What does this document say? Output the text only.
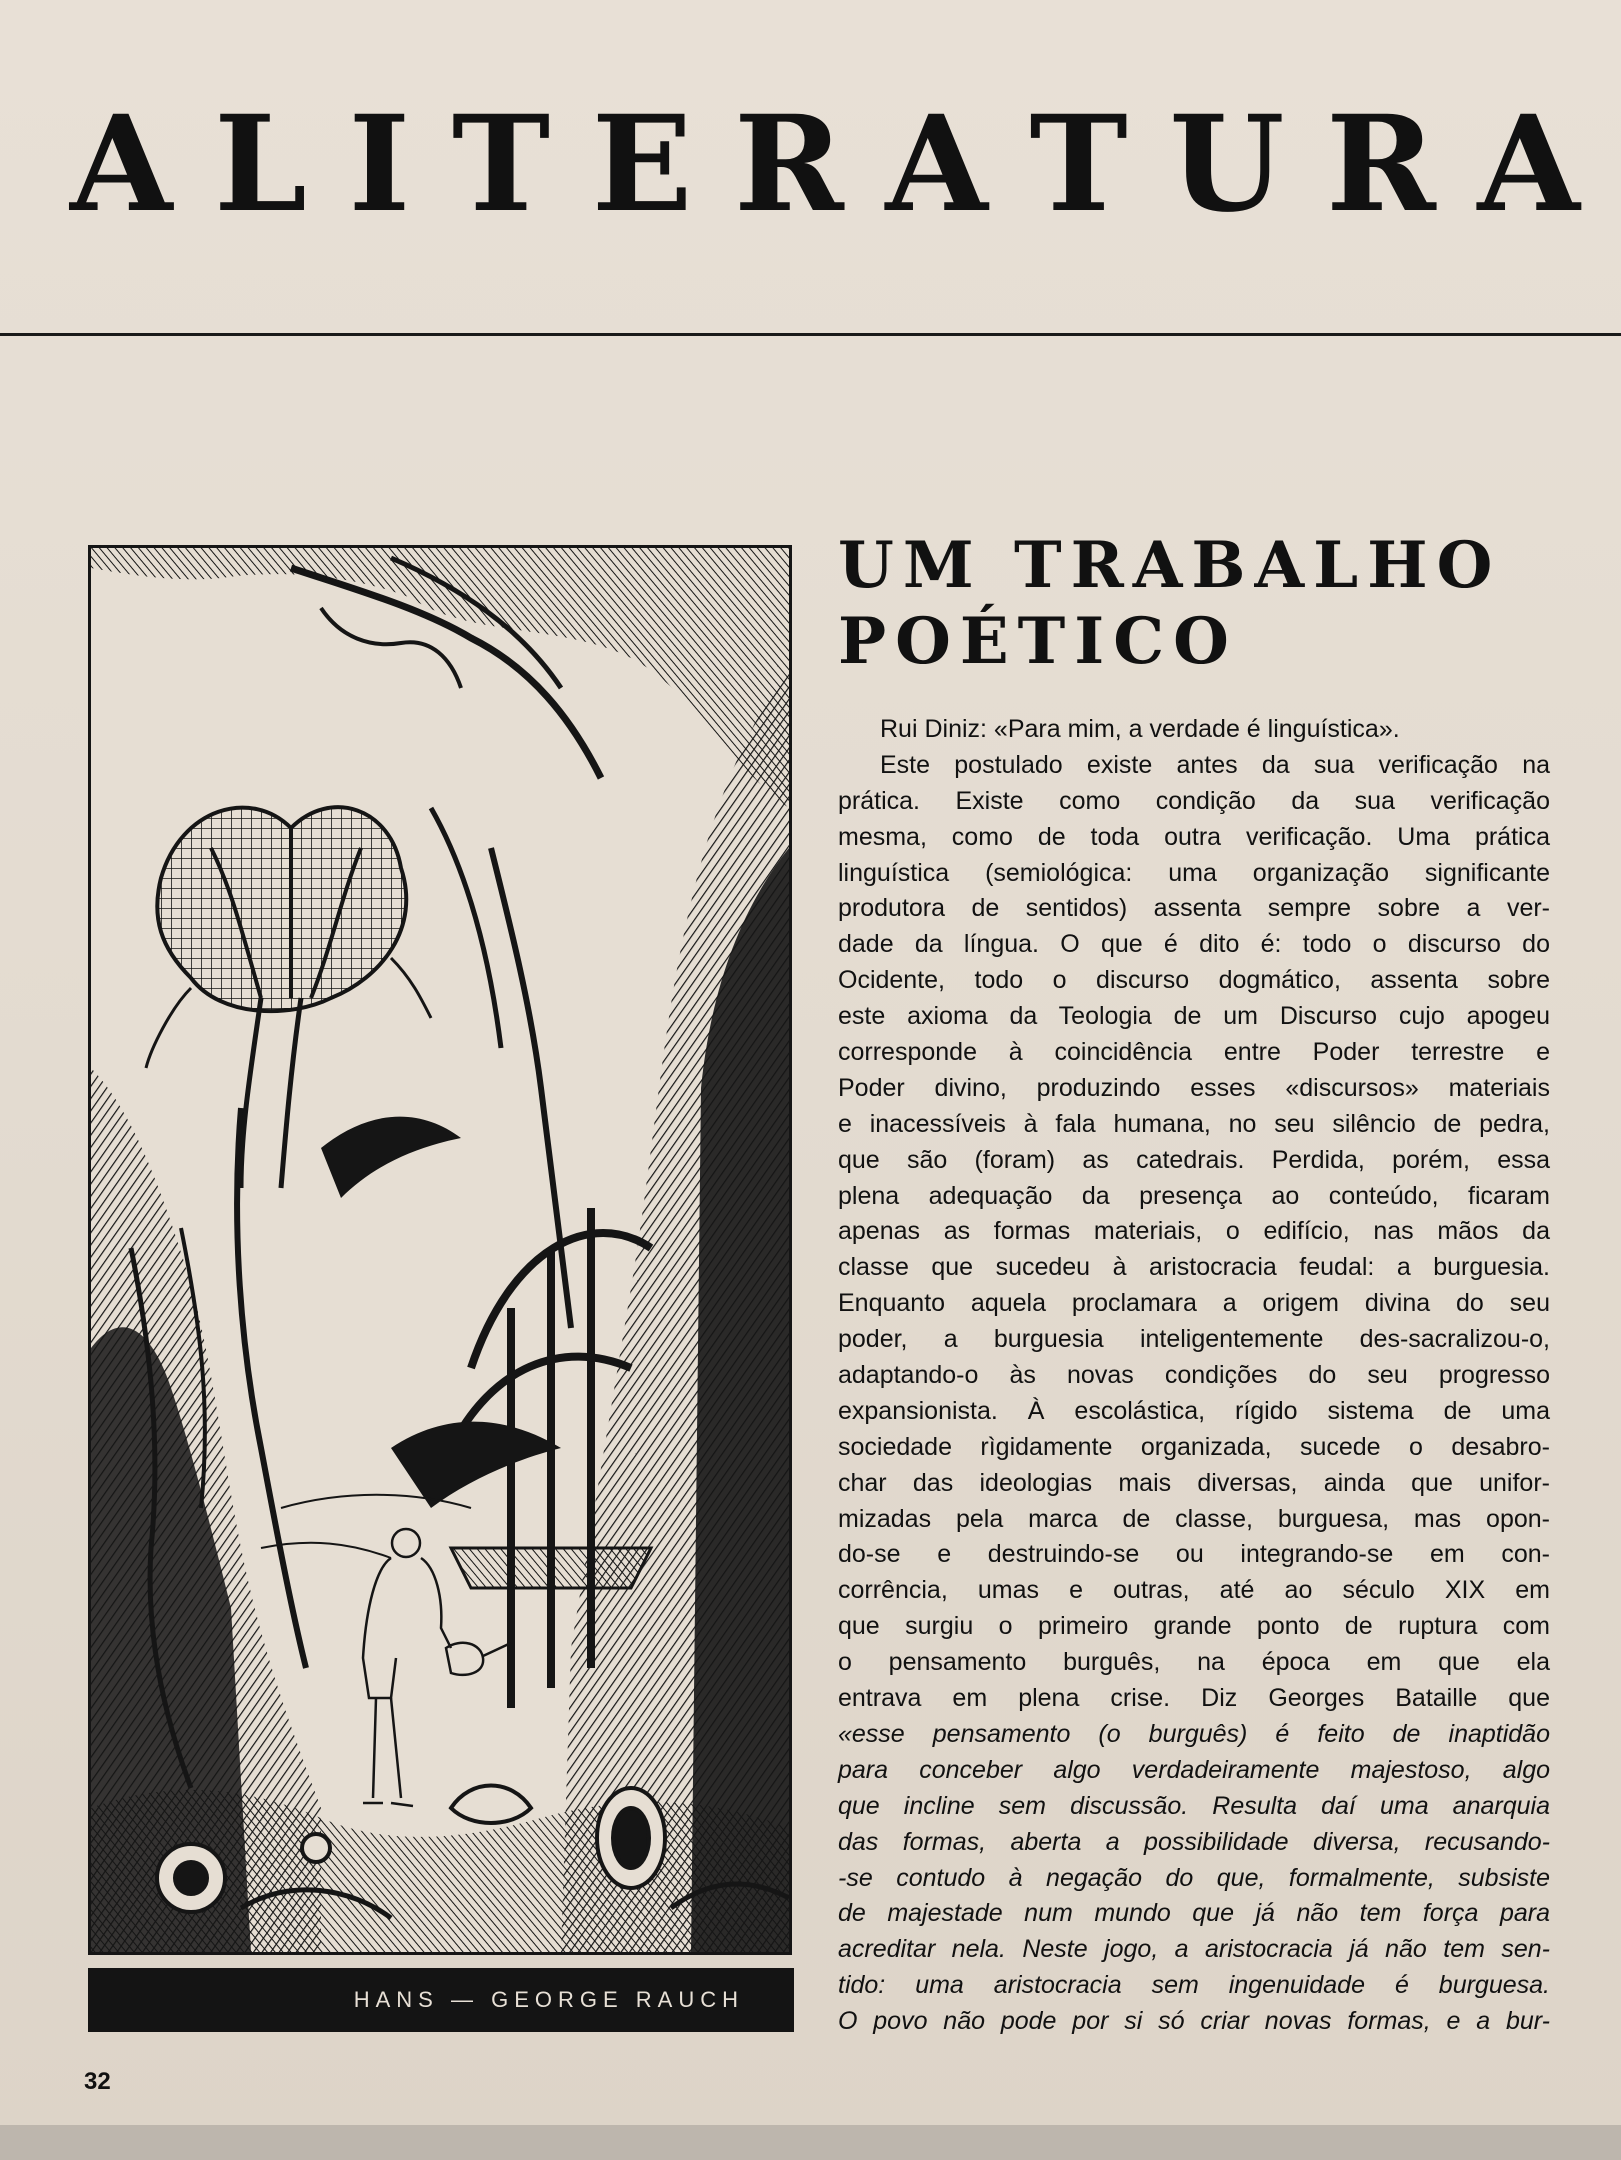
A L I T E R A T U R A
HANS — GEORGE RAUCH
UM TRABALHO
POÉTICO
Rui Diniz: «Para mim, a verdade é linguística».
Este postulado existe antes da sua verificação na
prática. Existe como condição da sua verificação
mesma, como de toda outra verificação. Uma prática
linguística (semiológica: uma organização significante
produtora de sentidos) assenta sempre sobre a ver-
dade da língua. O que é dito é: todo o discurso do
Ocidente, todo o discurso dogmático, assenta sobre
este axioma da Teologia de um Discurso cujo apogeu
corresponde à coincidência entre Poder terrestre e
Poder divino, produzindo esses «discursos» materiais
e inacessíveis à fala humana, no seu silêncio de pedra,
que são (foram) as catedrais. Perdida, porém, essa
plena adequação da presença ao conteúdo, ficaram
apenas as formas materiais, o edifício, nas mãos da
classe que sucedeu à aristocracia feudal: a burguesia.
Enquanto aquela proclamara a origem divina do seu
poder, a burguesia inteligentemente des-sacralizou-o,
adaptando-o às novas condições do seu progresso
expansionista. À escolástica, rígido sistema de uma
sociedade rìgidamente organizada, sucede o desabro-
char das ideologias mais diversas, ainda que unifor-
mizadas pela marca de classe, burguesa, mas opon-
do-se e destruindo-se ou integrando-se em con-
corrência, umas e outras, até ao século XIX em
que surgiu o primeiro grande ponto de ruptura com
o pensamento burguês, na época em que ela
entrava em plena crise. Diz Georges Bataille que
«esse pensamento (o burguês) é feito de inaptidão
para conceber algo verdadeiramente majestoso, algo
que incline sem discussão. Resulta daí uma anarquia
das formas, aberta a possibilidade diversa, recusando-
-se contudo à negação do que, formalmente, subsiste
de majestade num mundo que já não tem força para
acreditar nela. Neste jogo, a aristocracia já não tem sen-
tido: uma aristocracia sem ingenuidade é burguesa.
O povo não pode por si só criar novas formas, e a bur-
32
